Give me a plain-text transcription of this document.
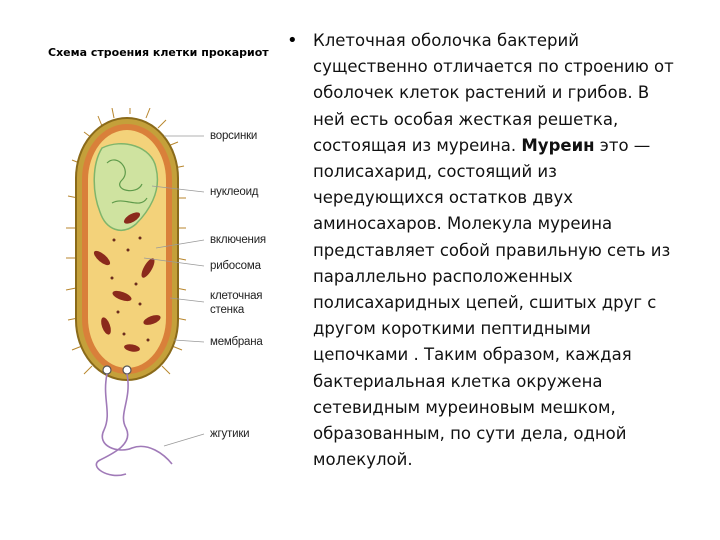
Схема строения клетки прокариот
ворсинки
нуклеоид
включения
рибосома
клеточная
стенка
мембрана
жгутики
• Клеточная оболочка бактерий существенно отличается по строению от оболочек клеток растений и грибов. В ней есть особая жесткая решетка, состоящая из муреина. Муреин это — полисахарид, состоящий из чередующихся остатков двух аминосахаров. Молекула муреина представляет собой правильную сеть из параллельно расположенных полисахаридных цепей, сшитых друг с другом короткими пептидными цепочками . Таким образом, каждая бактериальная клетка окружена сетевидным муреиновым мешком, образованным, по сути дела, одной молекулой.
